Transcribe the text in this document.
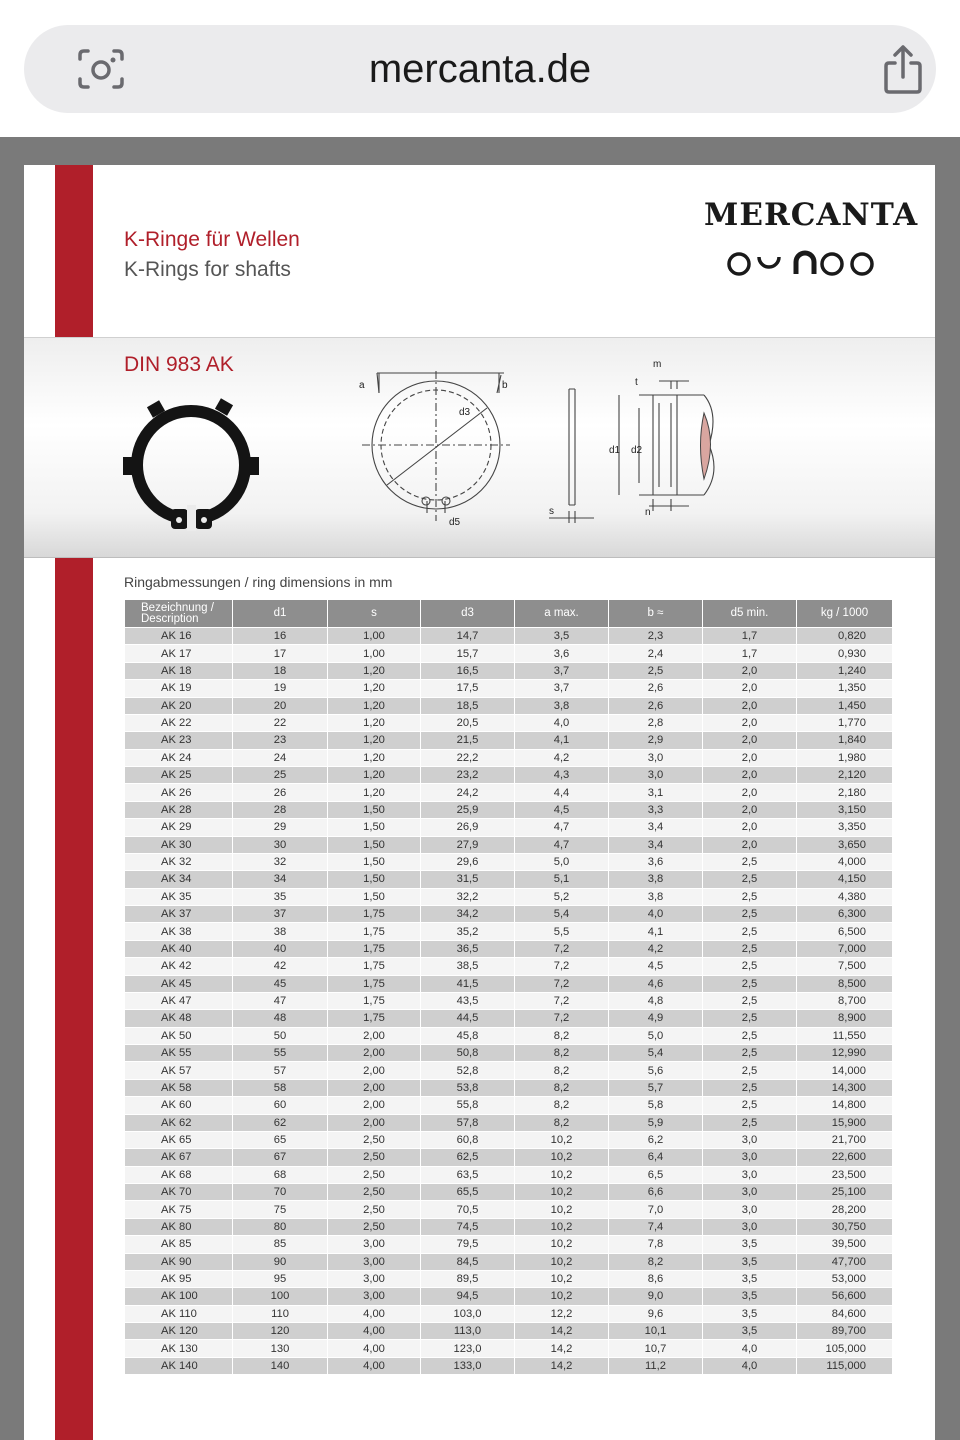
mercanta.de
K-Ringe für Wellen
K-Rings for shafts
MERCANTA
DIN 983 AK
a	b
d3
d5
s
m
t
d1 d2
n
Ringabmessungen / ring dimensions in mm
Bezeichnung / Description	d1	s	d3	a max.	b ≈	d5 min.	kg / 1000
AK 16	16	1,00	14,7	3,5	2,3	1,7	0,820
AK 17	17	1,00	15,7	3,6	2,4	1,7	0,930
AK 18	18	1,20	16,5	3,7	2,5	2,0	1,240
AK 19	19	1,20	17,5	3,7	2,6	2,0	1,350
AK 20	20	1,20	18,5	3,8	2,6	2,0	1,450
AK 22	22	1,20	20,5	4,0	2,8	2,0	1,770
AK 23	23	1,20	21,5	4,1	2,9	2,0	1,840
AK 24	24	1,20	22,2	4,2	3,0	2,0	1,980
AK 25	25	1,20	23,2	4,3	3,0	2,0	2,120
AK 26	26	1,20	24,2	4,4	3,1	2,0	2,180
AK 28	28	1,50	25,9	4,5	3,3	2,0	3,150
AK 29	29	1,50	26,9	4,7	3,4	2,0	3,350
AK 30	30	1,50	27,9	4,7	3,4	2,0	3,650
AK 32	32	1,50	29,6	5,0	3,6	2,5	4,000
AK 34	34	1,50	31,5	5,1	3,8	2,5	4,150
AK 35	35	1,50	32,2	5,2	3,8	2,5	4,380
AK 37	37	1,75	34,2	5,4	4,0	2,5	6,300
AK 38	38	1,75	35,2	5,5	4,1	2,5	6,500
AK 40	40	1,75	36,5	7,2	4,2	2,5	7,000
AK 42	42	1,75	38,5	7,2	4,5	2,5	7,500
AK 45	45	1,75	41,5	7,2	4,6	2,5	8,500
AK 47	47	1,75	43,5	7,2	4,8	2,5	8,700
AK 48	48	1,75	44,5	7,2	4,9	2,5	8,900
AK 50	50	2,00	45,8	8,2	5,0	2,5	11,550
AK 55	55	2,00	50,8	8,2	5,4	2,5	12,990
AK 57	57	2,00	52,8	8,2	5,6	2,5	14,000
AK 58	58	2,00	53,8	8,2	5,7	2,5	14,300
AK 60	60	2,00	55,8	8,2	5,8	2,5	14,800
AK 62	62	2,00	57,8	8,2	5,9	2,5	15,900
AK 65	65	2,50	60,8	10,2	6,2	3,0	21,700
AK 67	67	2,50	62,5	10,2	6,4	3,0	22,600
AK 68	68	2,50	63,5	10,2	6,5	3,0	23,500
AK 70	70	2,50	65,5	10,2	6,6	3,0	25,100
AK 75	75	2,50	70,5	10,2	7,0	3,0	28,200
AK 80	80	2,50	74,5	10,2	7,4	3,0	30,750
AK 85	85	3,00	79,5	10,2	7,8	3,5	39,500
AK 90	90	3,00	84,5	10,2	8,2	3,5	47,700
AK 95	95	3,00	89,5	10,2	8,6	3,5	53,000
AK 100	100	3,00	94,5	10,2	9,0	3,5	56,600
AK 110	110	4,00	103,0	12,2	9,6	3,5	84,600
AK 120	120	4,00	113,0	14,2	10,1	3,5	89,700
AK 130	130	4,00	123,0	14,2	10,7	4,0	105,000
AK 140	140	4,00	133,0	14,2	11,2	4,0	115,000
